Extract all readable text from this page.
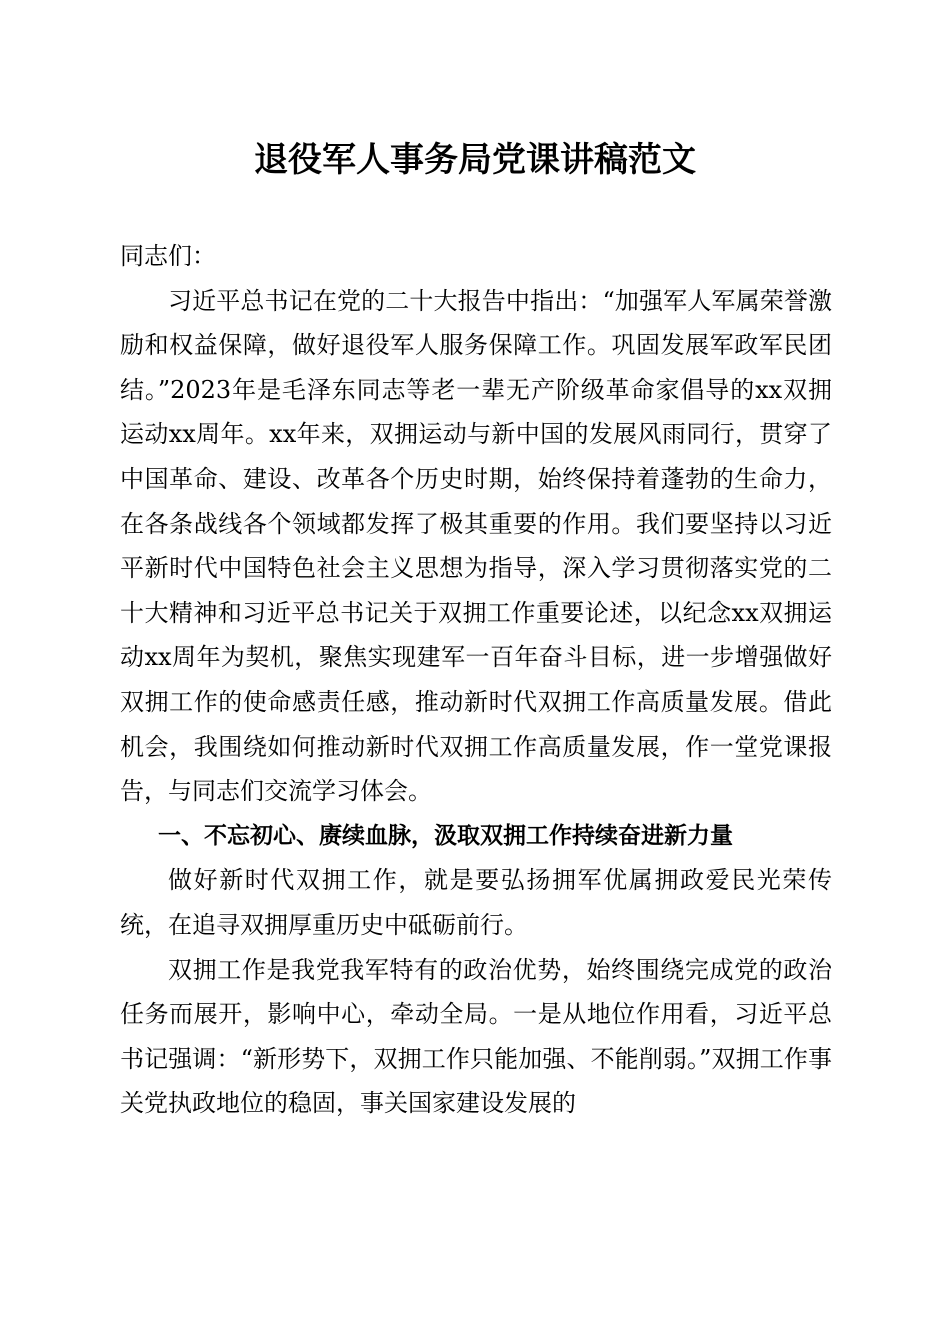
退役军人事务局党课讲稿范文

同志们：

习近平总书记在党的二十大报告中指出：“加强军人军属荣誉激励和权益保障，做好退役军人服务保障工作。巩固发展军政军民团结。”2023年是毛泽东同志等老一辈无产阶级革命家倡导的xx双拥运动xx周年。xx年来，双拥运动与新中国的发展风雨同行，贯穿了中国革命、建设、改革各个历史时期，始终保持着蓬勃的生命力，在各条战线各个领域都发挥了极其重要的作用。我们要坚持以习近平新时代中国特色社会主义思想为指导，深入学习贯彻落实党的二十大精神和习近平总书记关于双拥工作重要论述，以纪念xx双拥运动xx周年为契机，聚焦实现建军一百年奋斗目标，进一步增强做好双拥工作的使命感责任感，推动新时代双拥工作高质量发展。借此机会，我围绕如何推动新时代双拥工作高质量发展，作一堂党课报告，与同志们交流学习体会。

一、不忘初心、赓续血脉，汲取双拥工作持续奋进新力量

做好新时代双拥工作，就是要弘扬拥军优属拥政爱民光荣传统，在追寻双拥厚重历史中砥砺前行。

双拥工作是我党我军特有的政治优势，始终围绕完成党的政治任务而展开，影响中心，牵动全局。一是从地位作用看，习近平总书记强调：“新形势下，双拥工作只能加强、不能削弱。”双拥工作事关党执政地位的稳固，事关国家建设发展的
